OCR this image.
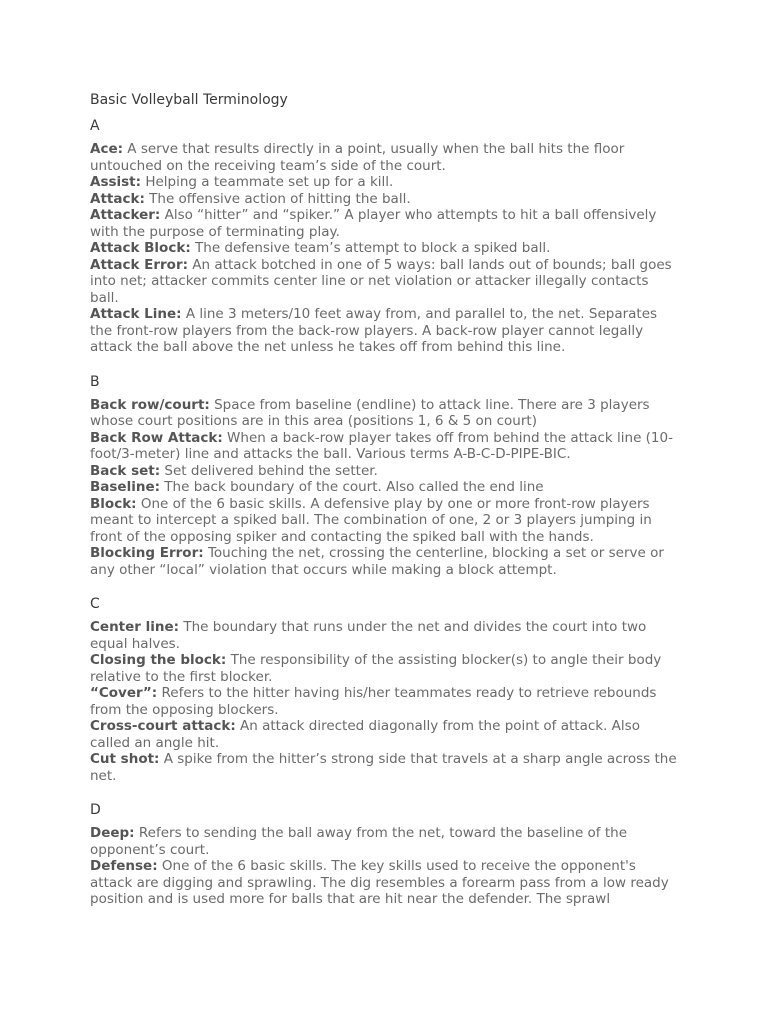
Basic Volleyball Terminology
A

Ace: A serve that results directly in a point, usually when the ball hits the floor untouched on the receiving team’s side of the court.

Assist: Helping a teammate set up for a kill.

Attack: The offensive action of hitting the ball.

Attacker: Also “hitter” and “spiker.” A player who attempts to hit a ball offensively with the purpose of terminating play.

Attack Block: The defensive team’s attempt to block a spiked ball.

Attack Error: An attack botched in one of 5 ways: ball lands out of bounds; ball goes into net; attacker commits center line or net violation or attacker illegally contacts ball.

Attack Line: A line 3 meters/10 feet away from, and parallel to, the net. Separates the front-row players from the back-row players. A back-row player cannot legally attack the ball above the net unless he takes off from behind this line.

B

Back row/court: Space from baseline (endline) to attack line. There are 3 players whose court positions are in this area (positions 1, 6 & 5 on court)

Back Row Attack: When a back-row player takes off from behind the attack line (10-foot/3-meter) line and attacks the ball. Various terms A-B-C-D-PIPE-BIC.

Back set: Set delivered behind the setter.

Baseline: The back boundary of the court. Also called the end line

Block: One of the 6 basic skills. A defensive play by one or more front-row players meant to intercept a spiked ball. The combination of one, 2 or 3 players jumping in front of the opposing spiker and contacting the spiked ball with the hands.

Blocking Error: Touching the net, crossing the centerline, blocking a set or serve or any other “local” violation that occurs while making a block attempt.

C

Center line: The boundary that runs under the net and divides the court into two equal halves.

Closing the block: The responsibility of the assisting blocker(s) to angle their body relative to the first blocker.

“Cover”: Refers to the hitter having his/her teammates ready to retrieve rebounds from the opposing blockers.

Cross-court attack: An attack directed diagonally from the point of attack. Also called an angle hit.

Cut shot: A spike from the hitter’s strong side that travels at a sharp angle across the net.

D

Deep: Refers to sending the ball away from the net, toward the baseline of the opponent’s court.

Defense: One of the 6 basic skills. The key skills used to receive the opponent's attack are digging and sprawling. The dig resembles a forearm pass from a low ready position and is used more for balls that are hit near the defender. The sprawl
